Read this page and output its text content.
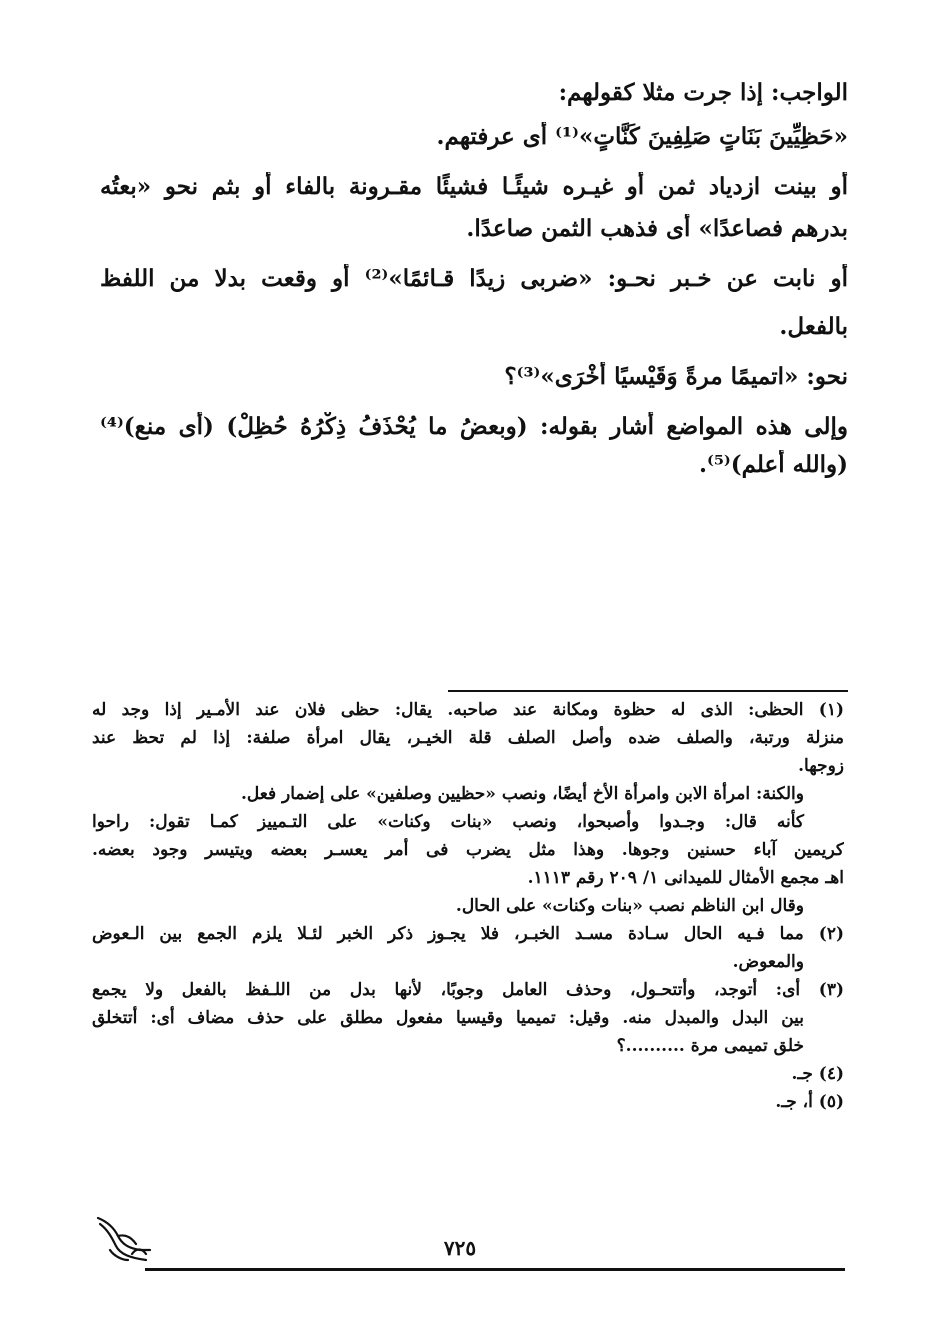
الواجب: إذا جرت مثلا كقولهم:
«حَظِيِّينَ بَنَاتٍ صَلِفِينَ كَنَّاتٍ»⁽¹⁾ أى عرفتهم.
أو بينت ازدياد ثمن أو غيـره شيئًـا فشيئًا مقـرونة بالفاء أو بثم نحو «بعتُه
بدرهم فصاعدًا» أى فذهب الثمن صاعدًا.
أو نابت عن خـبر نحـو: «ضربى زيدًا قـائمًا»⁽²⁾ أو وقعت بدلا من اللفظ
بالفعل.
نحو: «اتميمًا مرةً وَقَيْسيًا أُخْرَى»⁽³⁾؟
وإلى هذه المواضع أشار بقوله: (وبعضُ ما يُحْذَفُ ذِكْرُهُ حُظِلْ) (أى منع)⁽⁴⁾
(والله أعلم)⁽⁵⁾.
(١) الحظى: الذى له حظوة ومكانة عند صاحبه. يقال: حظى فلان عند الأمـير إذا وجد له
منزلة ورتبة، والصلف ضده وأصل الصلف قلة الخيـر، يقال امرأة صلفة: إذا لم تحظ عند
زوجها.
والكنة: امرأة الابن وامرأة الأخ أيضًا، ونصب «حظيين وصلفين» على إضمار فعل.
كأنه قال: وجـدوا وأصبحوا، ونصب «بنات وكنات» على التـمييز كمـا تقول: راحوا
كريمين آباء حسنين وجوها. وهذا مثل يضرب فى أمر يعسـر بعضه ويتيسر وجود بعضه.
اهـ مجمع الأمثال للميدانى ١/ ٢٠٩ رقم ١١١٣.
وقال ابن الناظم نصب «بنات وكنات» على الحال.
(٢) مما فـيه الحال سـادة مسـد الخبـر، فلا يجـوز ذكر الخبر لئـلا يلزم الجمع بين الـعوض
والمعوض.
(٣) أى: أتوجد، وأتتحـول، وحذف العامل وجوبًا، لأنها بدل من اللـفظ بالفعل ولا يجمع
بين البدل والمبدل منه. وقيل: تميميا وقيسيا مفعول مطلق على حذف مضاف أى: أتتخلق
خلق تميمى مرة ..........؟
(٤) جـ.
(٥) أ، جـ.
٧٢٥
